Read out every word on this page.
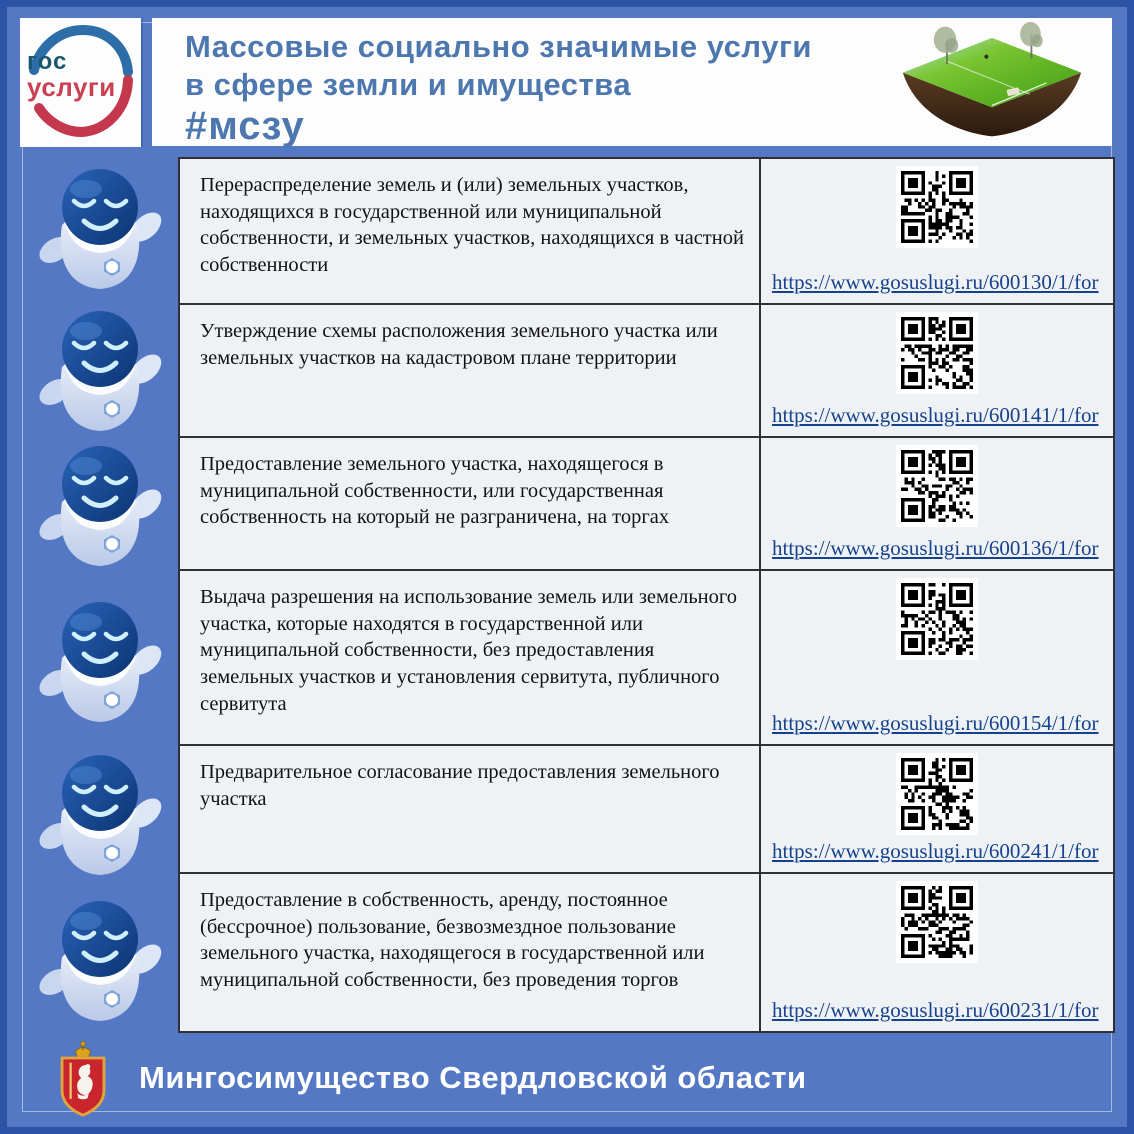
гос
услуги
Массовые социально значимые услуги
в сфере земли и имущества
#мсзу
Перераспределение земель и (или) земельных участков, находящихся в государственной или муниципальной собственности, и земельных участков, находящихся в частной собственности
https://www.gosuslugi.ru/600130/1/for
Утверждение схемы расположения земельного участка или земельных участков на кадастровом плане территории
https://www.gosuslugi.ru/600141/1/for
Предоставление земельного участка, находящегося в муниципальной собственности, или государственная собственность на который не разграничена, на торгах
https://www.gosuslugi.ru/600136/1/for
Выдача разрешения на использование земель или земельного участка, которые находятся в государственной или муниципальной собственности, без предоставления земельных участков и установления сервитута, публичного сервитута
https://www.gosuslugi.ru/600154/1/for
Предварительное согласование предоставления земельного участка
https://www.gosuslugi.ru/600241/1/for
Предоставление в собственность, аренду, постоянное (бессрочное) пользование, безвозмездное пользование земельного участка, находящегося в государственной или муниципальной собственности, без проведения торгов
https://www.gosuslugi.ru/600231/1/for
Мингосимущество Свердловской области
